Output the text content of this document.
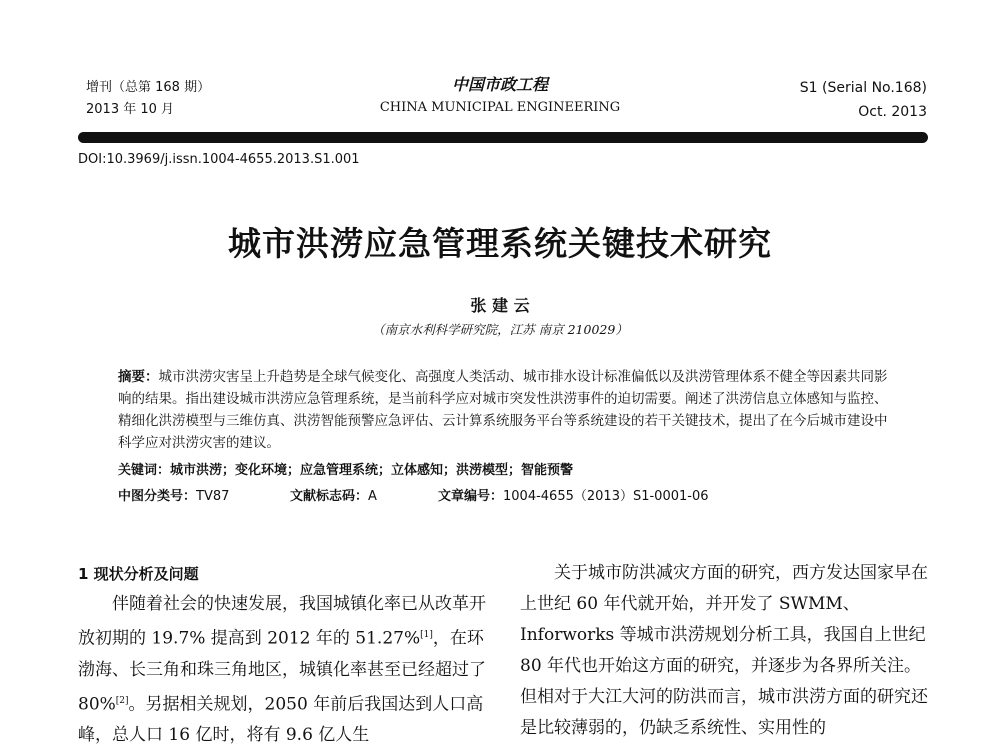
增刊（总第 168 期）
2013 年 10 月
中国市政工程
CHINA MUNICIPAL ENGINEERING
S1 (Serial No.168)
Oct. 2013
DOI:10.3969/j.issn.1004-4655.2013.S1.001
城市洪涝应急管理系统关键技术研究
张 建 云
（南京水利科学研究院，江苏 南京 210029）
摘要：城市洪涝灾害呈上升趋势是全球气候变化、高强度人类活动、城市排水设计标准偏低以及洪涝管理体系不健全等因素共同影响的结果。指出建设城市洪涝应急管理系统，是当前科学应对城市突发性洪涝事件的迫切需要。阐述了洪涝信息立体感知与监控、精细化洪涝模型与三维仿真、洪涝智能预警应急评估、云计算系统服务平台等系统建设的若干关键技术，提出了在今后城市建设中科学应对洪涝灾害的建议。
关键词：城市洪涝；变化环境；应急管理系统；立体感知；洪涝模型；智能预警
中图分类号：TV87	文献标志码：A	文章编号：1004-4655（2013）S1-0001-06
1 现状分析及问题

　　伴随着社会的快速发展，我国城镇化率已从改革开放初期的 19.7% 提高到 2012 年的 51.27%[1]，在环渤海、长三角和珠三角地区，城镇化率甚至已经超过了 80%[2]。另据相关规划，2050 年前后我国达到人口高峰，总人口 16 亿时，将有 9.6 亿人生

　　关于城市防洪减灾方面的研究，西方发达国家早在上世纪 60 年代就开始，并开发了 SWMM、Inforworks 等城市洪涝规划分析工具，我国自上世纪 80 年代也开始这方面的研究，并逐步为各界所关注。但相对于大江大河的防洪而言，城市洪涝方面的研究还是比较薄弱的，仍缺乏系统性、实用性的
